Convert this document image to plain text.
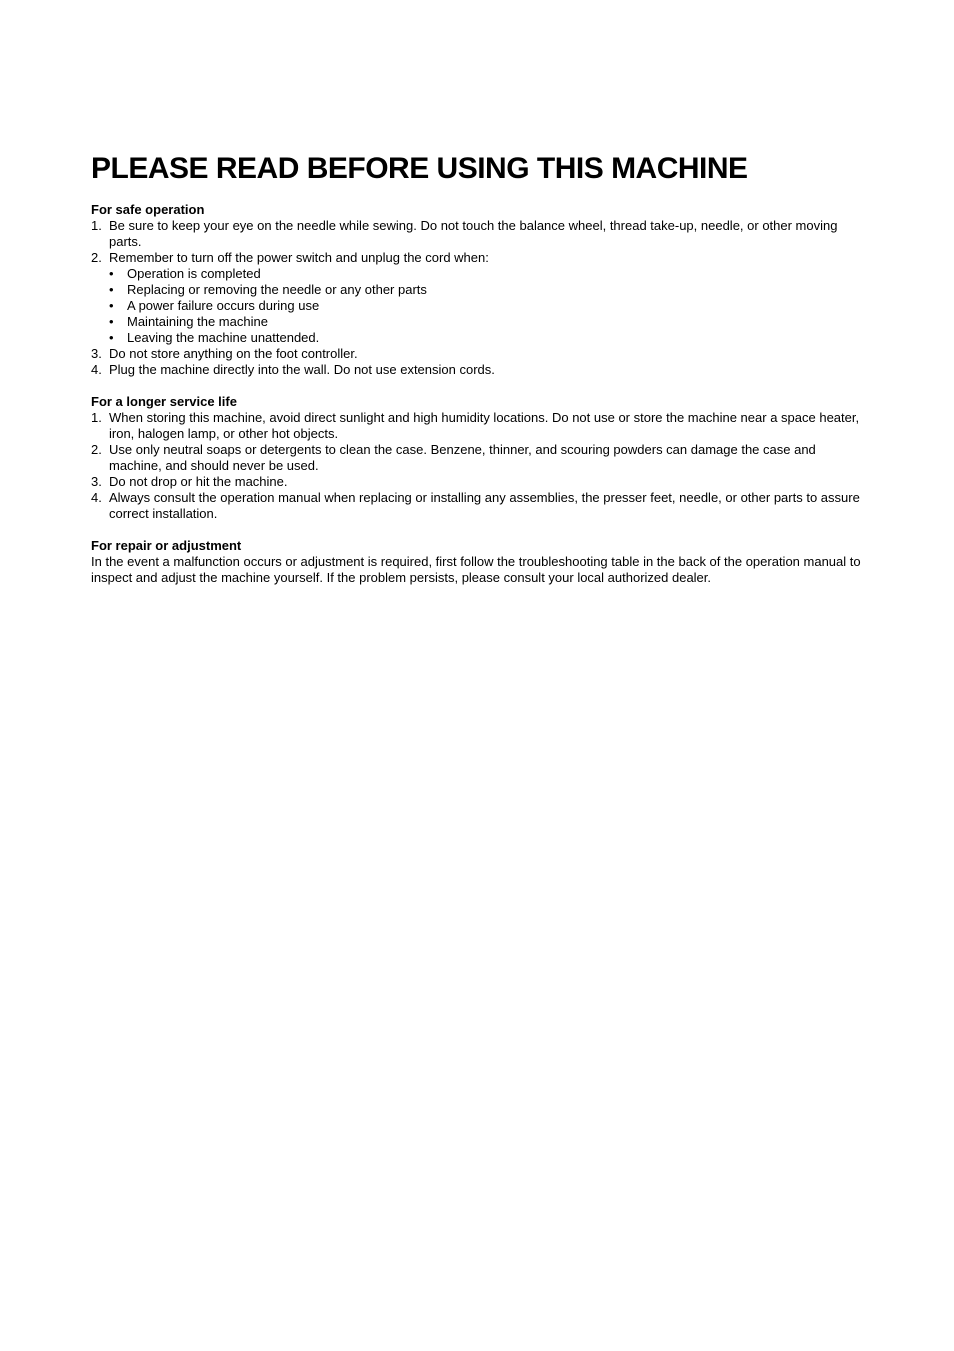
PLEASE READ BEFORE USING THIS MACHINE
For safe operation
1. Be sure to keep your eye on the needle while sewing. Do not touch the balance wheel, thread take-up, needle, or other moving parts.
2. Remember to turn off the power switch and unplug the cord when:
• Operation is completed
• Replacing or removing the needle or any other parts
• A power failure occurs during use
• Maintaining the machine
• Leaving the machine unattended.
3. Do not store anything on the foot controller.
4. Plug the machine directly into the wall. Do not use extension cords.
For a longer service life
1. When storing this machine, avoid direct sunlight and high humidity locations. Do not use or store the machine near a space heater, iron, halogen lamp, or other hot objects.
2. Use only neutral soaps or detergents to clean the case. Benzene, thinner, and scouring powders can damage the case and machine, and should never be used.
3. Do not drop or hit the machine.
4. Always consult the operation manual when replacing or installing any assemblies, the presser feet, needle, or other parts to assure correct installation.
For repair or adjustment

In the event a malfunction occurs or adjustment is required, first follow the troubleshooting table in the back of the operation manual to inspect and adjust the machine yourself. If the problem persists, please consult your local authorized dealer.
